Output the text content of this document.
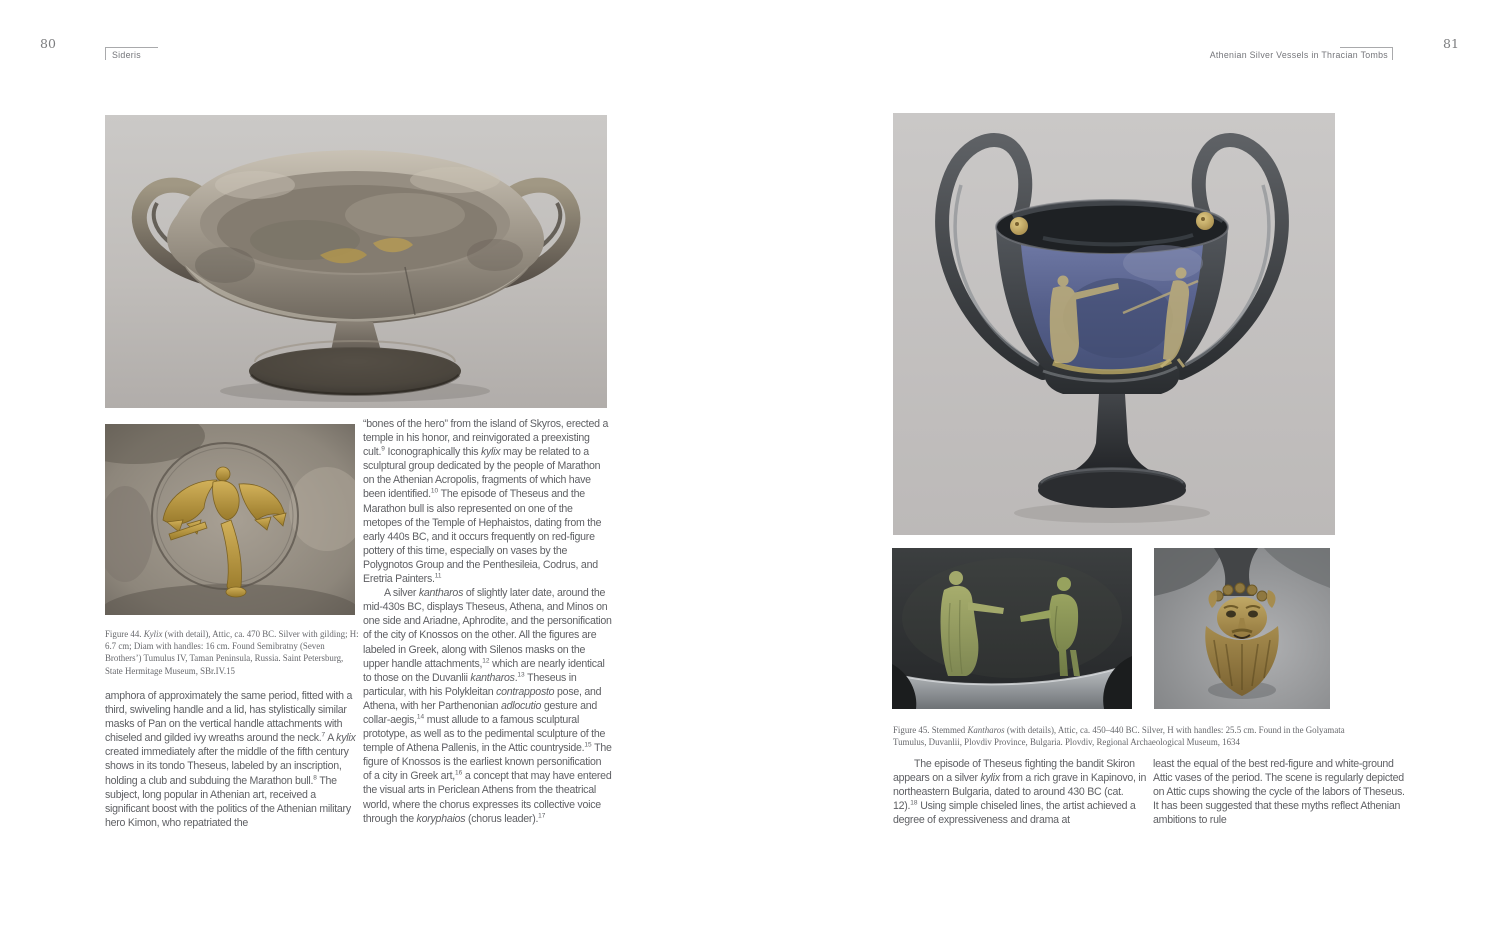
80
Sideris

Figure 44. Kylix (with detail), Attic, ca. 470 BC. Silver with gilding; H: 6.7 cm; Diam with handles: 16 cm. Found Semibratny (Seven Brothers’) Tumulus IV, Taman Peninsula, Russia. Saint Petersburg, State Hermitage Museum, SBr.IV.15

amphora of approximately the same period, fitted with a third, swiveling handle and a lid, has stylistically similar masks of Pan on the vertical handle attachments with chiseled and gilded ivy wreaths around the neck.$^7$ A kylix created immediately after the middle of the fifth century shows in its tondo Theseus, labeled by an inscription, holding a club and subduing the Marathon bull.$^8$ The subject, long popular in Athenian art, received a significant boost with the politics of the Athenian military hero Kimon, who repatriated the

“bones of the hero” from the island of Skyros, erected a temple in his honor, and reinvigorated a preexisting cult.$^9$ Iconographically this kylix may be related to a sculptural group dedicated by the people of Marathon on the Athenian Acropolis, fragments of which have been identified.$^{10}$ The episode of Theseus and the Marathon bull is also represented on one of the metopes of the Temple of Hephaistos, dating from the early 440s BC, and it occurs frequently on red-figure pottery of this time, especially on vases by the Polygnotos Group and the Penthesileia, Codrus, and Eretria Painters.$^{11}$

A silver kantharos of slightly later date, around the mid-430s BC, displays Theseus, Athena, and Minos on one side and Ariadne, Aphrodite, and the personification of the city of Knossos on the other. All the figures are labeled in Greek, along with Silenos masks on the upper handle attachments,$^{12}$ which are nearly identical to those on the Duvanlii kantharos.$^{13}$ Theseus in particular, with his Polykleitan contrapposto pose, and Athena, with her Parthenonian adlocutio gesture and collar-aegis,$^{14}$ must allude to a famous sculptural prototype, as well as to the pedimental sculpture of the temple of Athena Pallenis, in the Attic countryside.$^{15}$ The figure of Knossos is the earliest known personification of a city in Greek art,$^{16}$ a concept that may have entered the visual arts in Periclean Athens from the theatrical world, where the chorus expresses its collective voice through the koryphaios (chorus leader).$^{17}$

81
Athenian Silver Vessels in Thracian Tombs

Figure 45. Stemmed Kantharos (with details), Attic, ca. 450–440 BC. Silver, H with handles: 25.5 cm. Found in the Golyamata Tumulus, Duvanlii, Plovdiv Province, Bulgaria. Plovdiv, Regional Archaeological Museum, 1634

The episode of Theseus fighting the bandit Skiron appears on a silver kylix from a rich grave in Kapinovo, in northeastern Bulgaria, dated to around 430 BC (cat. 12).$^{18}$ Using simple chiseled lines, the artist achieved a degree of expressiveness and drama at

least the equal of the best red-figure and white-ground Attic vases of the period. The scene is regularly depicted on Attic cups showing the cycle of the labors of Theseus. It has been suggested that these myths reflect Athenian ambitions to rule
